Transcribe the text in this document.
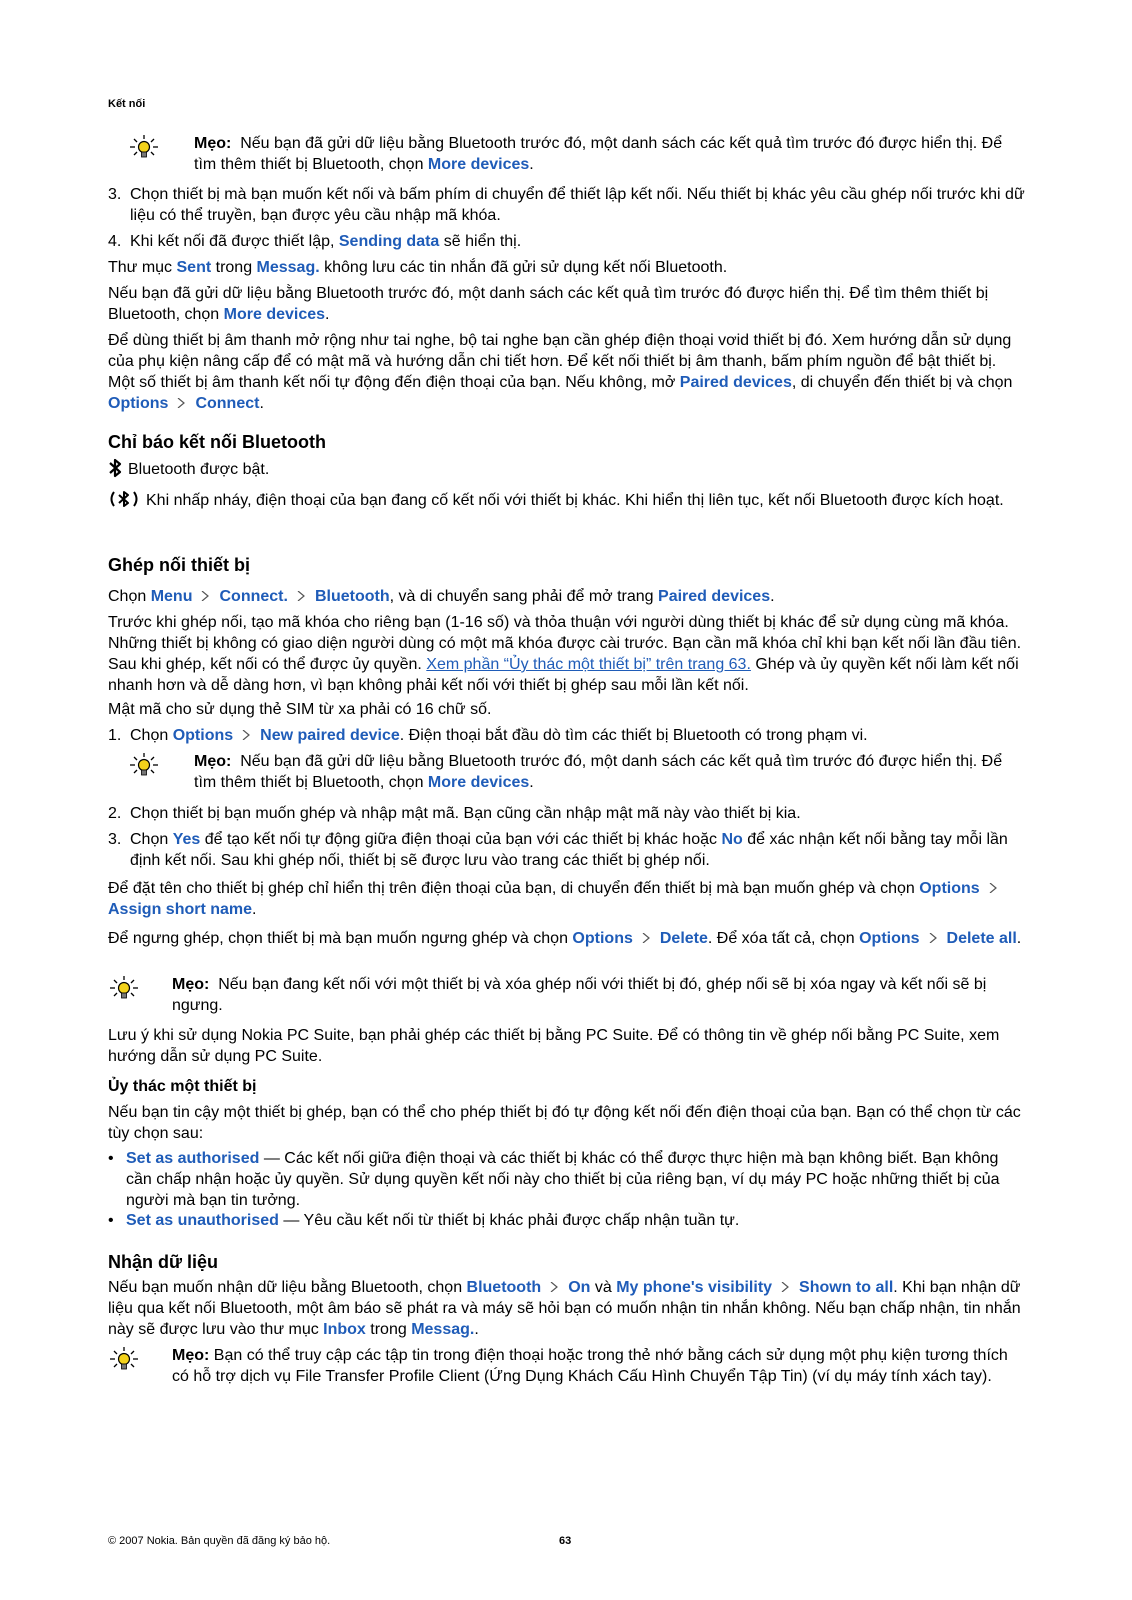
Kết nối
Mẹo: Nếu bạn đã gửi dữ liệu bằng Bluetooth trước đó, một danh sách các kết quả tìm trước đó được hiển thị. Để tìm thêm thiết bị Bluetooth, chọn More devices.
3. Chọn thiết bị mà bạn muốn kết nối và bấm phím di chuyển để thiết lập kết nối. Nếu thiết bị khác yêu cầu ghép nối trước khi dữ liệu có thể truyền, bạn được yêu cầu nhập mã khóa.
4. Khi kết nối đã được thiết lập, Sending data sẽ hiển thị.

Thư mục Sent trong Messag. không lưu các tin nhắn đã gửi sử dụng kết nối Bluetooth.

Nếu bạn đã gửi dữ liệu bằng Bluetooth trước đó, một danh sách các kết quả tìm trước đó được hiển thị. Để tìm thêm thiết bị Bluetooth, chọn More devices.

Để dùng thiết bị âm thanh mở rộng như tai nghe, bộ tai nghe bạn cần ghép điện thoại vơid thiết bị đó. Xem hướng dẫn sử dụng của phụ kiện nâng cấp để có mật mã và hướng dẫn chi tiết hơn. Để kết nối thiết bị âm thanh, bấm phím nguồn để bật thiết bị. Một số thiết bị âm thanh kết nối tự động đến điện thoại của bạn. Nếu không, mở Paired devices, di chuyển đến thiết bị và chọn Options Connect.

Chỉ báo kết nối Bluetooth

Bluetooth được bật.

Khi nhấp nháy, điện thoại của bạn đang cố kết nối với thiết bị khác. Khi hiển thị liên tục, kết nối Bluetooth được kích hoạt.

Ghép nối thiết bị

Chọn Menu Connect. Bluetooth, và di chuyển sang phải để mở trang Paired devices.

Trước khi ghép nối, tạo mã khóa cho riêng bạn (1-16 số) và thỏa thuận với người dùng thiết bị khác để sử dụng cùng mã khóa. Những thiết bị không có giao diện người dùng có một mã khóa được cài trước. Bạn cần mã khóa chỉ khi bạn kết nối lần đầu tiên. Sau khi ghép, kết nối có thể được ủy quyền. Xem phần “Ủy thác một thiết bị” trên trang 63. Ghép và ủy quyền kết nối làm kết nối nhanh hơn và dễ dàng hơn, vì bạn không phải kết nối với thiết bị ghép sau mỗi lần kết nối.

Mật mã cho sử dụng thẻ SIM từ xa phải có 16 chữ số.

1. Chọn Options New paired device. Điện thoại bắt đầu dò tìm các thiết bị Bluetooth có trong phạm vi.
Mẹo: Nếu bạn đã gửi dữ liệu bằng Bluetooth trước đó, một danh sách các kết quả tìm trước đó được hiển thị. Để tìm thêm thiết bị Bluetooth, chọn More devices.
2. Chọn thiết bị bạn muốn ghép và nhập mật mã. Bạn cũng cần nhập mật mã này vào thiết bị kia.
3. Chọn Yes để tạo kết nối tự động giữa điện thoại của bạn với các thiết bị khác hoặc No để xác nhận kết nối bằng tay mỗi lần định kết nối. Sau khi ghép nối, thiết bị sẽ được lưu vào trang các thiết bị ghép nối.

Để đặt tên cho thiết bị ghép chỉ hiển thị trên điện thoại của bạn, di chuyển đến thiết bị mà bạn muốn ghép và chọn Options
Assign short name.

Để ngưng ghép, chọn thiết bị mà bạn muốn ngưng ghép và chọn Options Delete. Để xóa tất cả, chọn Options Delete all.

Mẹo: Nếu bạn đang kết nối với một thiết bị và xóa ghép nối với thiết bị đó, ghép nối sẽ bị xóa ngay và kết nối sẽ bị ngưng.

Lưu ý khi sử dụng Nokia PC Suite, bạn phải ghép các thiết bị bằng PC Suite. Để có thông tin về ghép nối bằng PC Suite, xem hướng dẫn sử dụng PC Suite.

Ủy thác một thiết bị

Nếu bạn tin cậy một thiết bị ghép, bạn có thể cho phép thiết bị đó tự động kết nối đến điện thoại của bạn. Bạn có thể chọn từ các tùy chọn sau:

• Set as authorised — Các kết nối giữa điện thoại và các thiết bị khác có thể được thực hiện mà bạn không biết. Bạn không cần chấp nhận hoặc ủy quyền. Sử dụng quyền kết nối này cho thiết bị của riêng bạn, ví dụ máy PC hoặc những thiết bị của người mà bạn tin tưởng.
• Set as unauthorised — Yêu cầu kết nối từ thiết bị khác phải được chấp nhận tuần tự.
Nhận dữ liệu

Nếu bạn muốn nhận dữ liệu bằng Bluetooth, chọn Bluetooth On và My phone's visibility Shown to all. Khi bạn nhận dữ liệu qua kết nối Bluetooth, một âm báo sẽ phát ra và máy sẽ hỏi bạn có muốn nhận tin nhắn không. Nếu bạn chấp nhận, tin nhắn này sẽ được lưu vào thư mục Inbox trong Messag..

Mẹo: Bạn có thể truy cập các tập tin trong điện thoại hoặc trong thẻ nhớ bằng cách sử dụng một phụ kiện tương thích có hỗ trợ dịch vụ File Transfer Profile Client (Ứng Dụng Khách Cấu Hình Chuyển Tập Tin) (ví dụ máy tính xách tay).
© 2007 Nokia. Bản quyền đã đăng ký bảo hộ.	63
